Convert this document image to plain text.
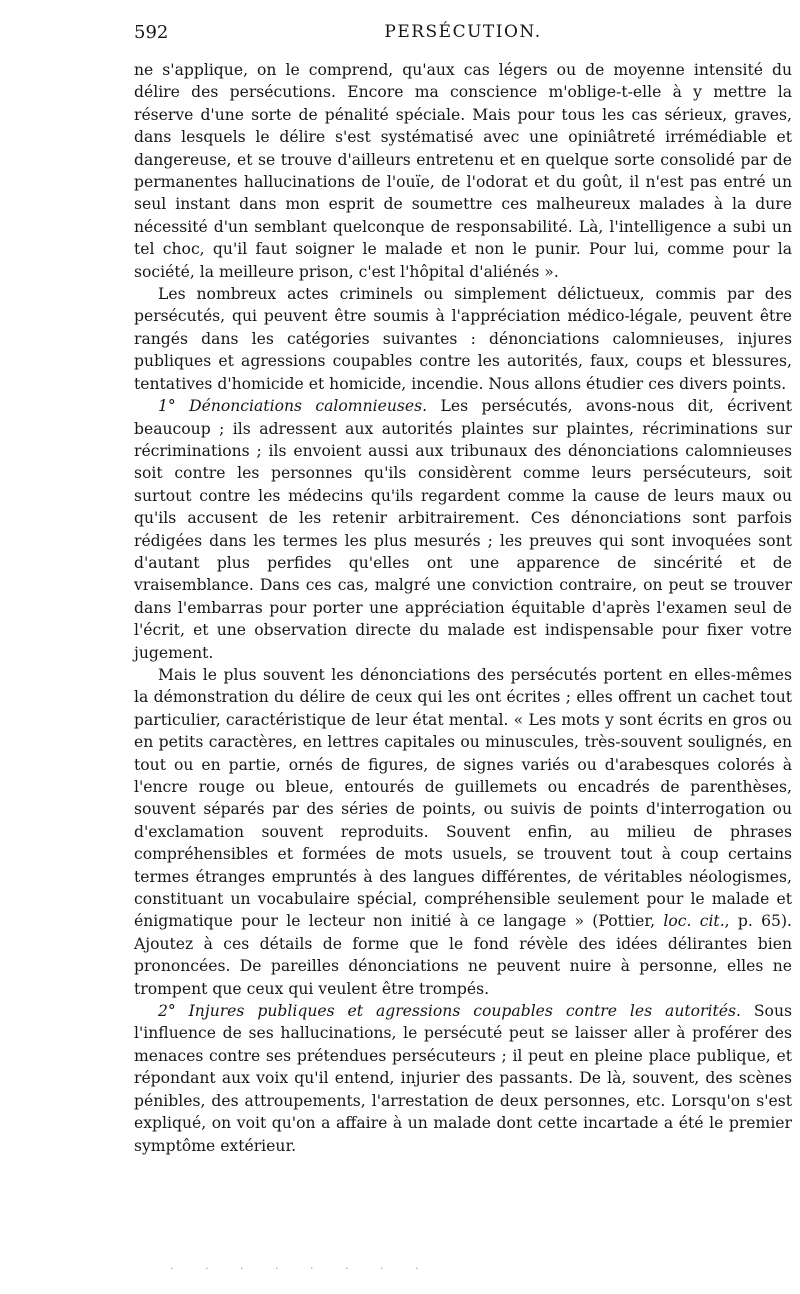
592	PERSÉCUTION.

ne s'applique, on le comprend, qu'aux cas légers ou de moyenne intensité du délire des persécutions. Encore ma conscience m'oblige-t-elle à y mettre la réserve d'une sorte de pénalité spéciale. Mais pour tous les cas sérieux, graves, dans lesquels le délire s'est systématisé avec une opiniâtreté irrémédiable et dangereuse, et se trouve d'ailleurs entretenu et en quelque sorte consolidé par de permanentes hallucinations de l'ouïe, de l'odorat et du goût, il n'est pas entré un seul instant dans mon esprit de soumettre ces malheureux malades à la dure nécessité d'un semblant quelconque de responsabilité. Là, l'intelligence a subi un tel choc, qu'il faut soigner le malade et non le punir. Pour lui, comme pour la société, la meilleure prison, c'est l'hôpital d'aliénés ».

Les nombreux actes criminels ou simplement délictueux, commis par des persécutés, qui peuvent être soumis à l'appréciation médico-légale, peuvent être rangés dans les catégories suivantes : dénonciations calomnieuses, injures publiques et agressions coupables contre les autorités, faux, coups et blessures, tentatives d'homicide et homicide, incendie. Nous allons étudier ces divers points.

1° Dénonciations calomnieuses. Les persécutés, avons-nous dit, écrivent beaucoup ; ils adressent aux autorités plaintes sur plaintes, récriminations sur récriminations ; ils envoient aussi aux tribunaux des dénonciations calomnieuses soit contre les personnes qu'ils considèrent comme leurs persécuteurs, soit surtout contre les médecins qu'ils regardent comme la cause de leurs maux ou qu'ils accusent de les retenir arbitrairement. Ces dénonciations sont parfois rédigées dans les termes les plus mesurés ; les preuves qui sont invoquées sont d'autant plus perfides qu'elles ont une apparence de sincérité et de vraisemblance. Dans ces cas, malgré une conviction contraire, on peut se trouver dans l'embarras pour porter une appréciation équitable d'après l'examen seul de l'écrit, et une observation directe du malade est indispensable pour fixer votre jugement.

Mais le plus souvent les dénonciations des persécutés portent en elles-mêmes la démonstration du délire de ceux qui les ont écrites ; elles offrent un cachet tout particulier, caractéristique de leur état mental. « Les mots y sont écrits en gros ou en petits caractères, en lettres capitales ou minuscules, très-souvent soulignés, en tout ou en partie, ornés de figures, de signes variés ou d'arabesques colorés à l'encre rouge ou bleue, entourés de guillemets ou encadrés de parenthèses, souvent séparés par des séries de points, ou suivis de points d'interrogation ou d'exclamation souvent reproduits. Souvent enfin, au milieu de phrases compréhensibles et formées de mots usuels, se trouvent tout à coup certains termes étranges empruntés à des langues différentes, de véritables néologismes, constituant un vocabulaire spécial, compréhensible seulement pour le malade et énigmatique pour le lecteur non initié à ce langage » (Pottier, loc. cit., p. 65). Ajoutez à ces détails de forme que le fond révèle des idées délirantes bien prononcées. De pareilles dénonciations ne peuvent nuire à personne, elles ne trompent que ceux qui veulent être trompés.

2° Injures publiques et agressions coupables contre les autorités. Sous l'influence de ses hallucinations, le persécuté peut se laisser aller à proférer des menaces contre ses prétendues persécuteurs ; il peut en pleine place publique, et répondant aux voix qu'il entend, injurier des passants. De là, souvent, des scènes pénibles, des attroupements, l'arrestation de deux personnes, etc. Lorsqu'on s'est expliqué, on voit qu'on a affaire à un malade dont cette incartade a été le premier symptôme extérieur.

· · · · · · · ·
